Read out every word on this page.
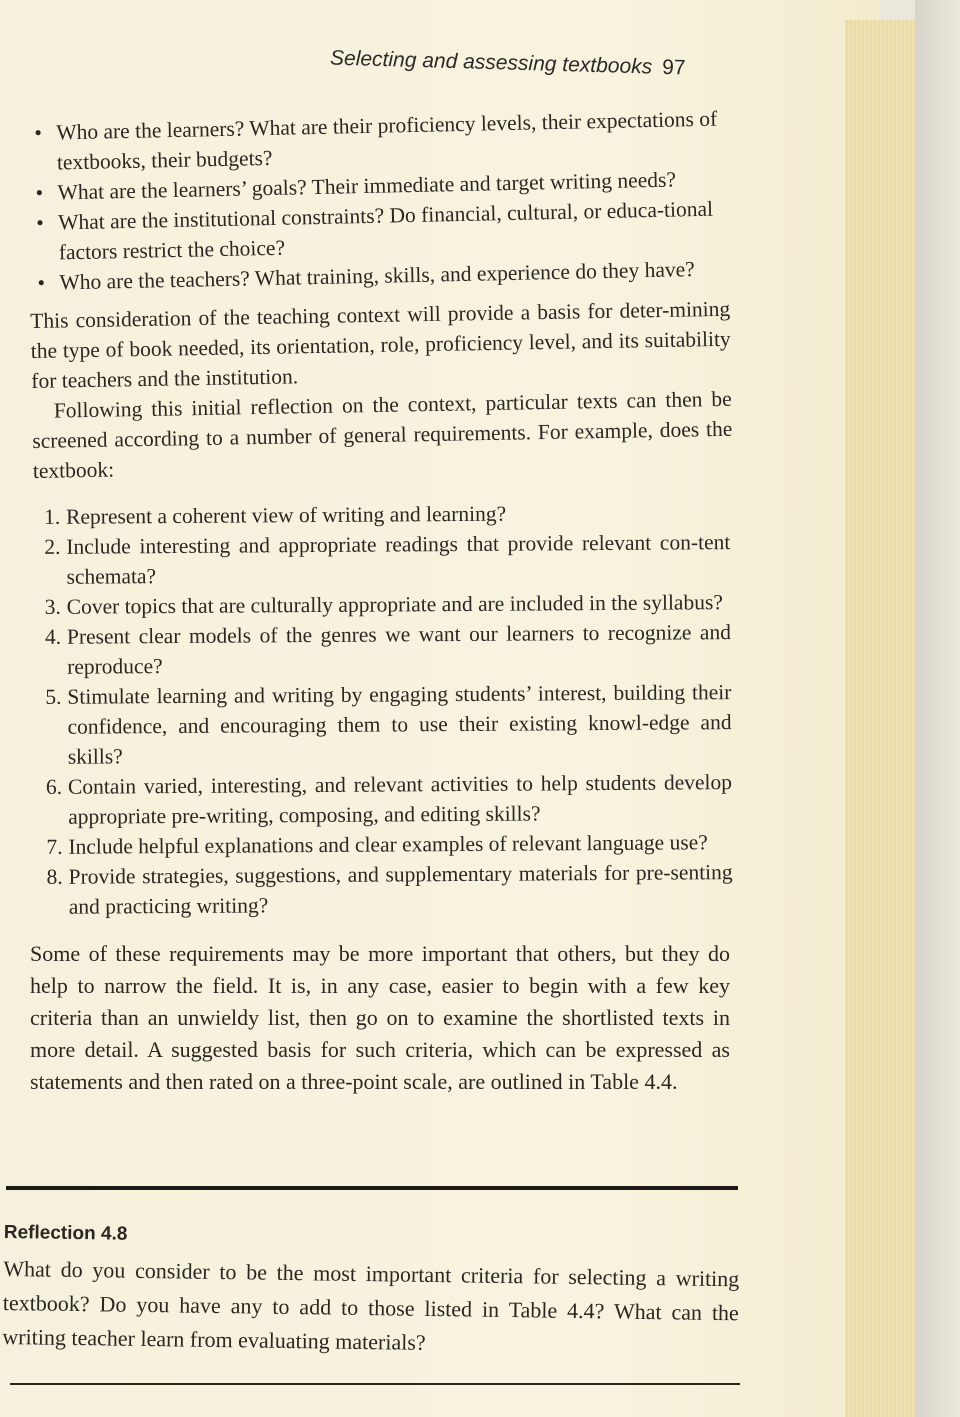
Selecting and assessing textbooks 97
• Who are the learners? What are their proficiency levels, their expectations of textbooks, their budgets?
• What are the learners’ goals? Their immediate and target writing needs?
• What are the institutional constraints? Do financial, cultural, or educa-tional factors restrict the choice?
• Who are the teachers? What training, skills, and experience do they have?

This consideration of the teaching context will provide a basis for deter-mining the type of book needed, its orientation, role, proficiency level, and its suitability for teachers and the institution.

Following this initial reflection on the context, particular texts can then be screened according to a number of general requirements. For example, does the textbook:

1. Represent a coherent view of writing and learning?
2. Include interesting and appropriate readings that provide relevant con-tent schemata?
3. Cover topics that are culturally appropriate and are included in the syllabus?
4. Present clear models of the genres we want our learners to recognize and reproduce?
5. Stimulate learning and writing by engaging students’ interest, building their confidence, and encouraging them to use their existing knowl-edge and skills?
6. Contain varied, interesting, and relevant activities to help students develop appropriate pre-writing, composing, and editing skills?
7. Include helpful explanations and clear examples of relevant language use?
8. Provide strategies, suggestions, and supplementary materials for pre-senting and practicing writing?

Some of these requirements may be more important that others, but they do help to narrow the field. It is, in any case, easier to begin with a few key criteria than an unwieldy list, then go on to examine the shortlisted texts in more detail. A suggested basis for such criteria, which can be expressed as statements and then rated on a three-point scale, are outlined in Table 4.4.

Reflection 4.8
What do you consider to be the most important criteria for selecting a writing textbook? Do you have any to add to those listed in Table 4.4? What can the writing teacher learn from evaluating materials?
